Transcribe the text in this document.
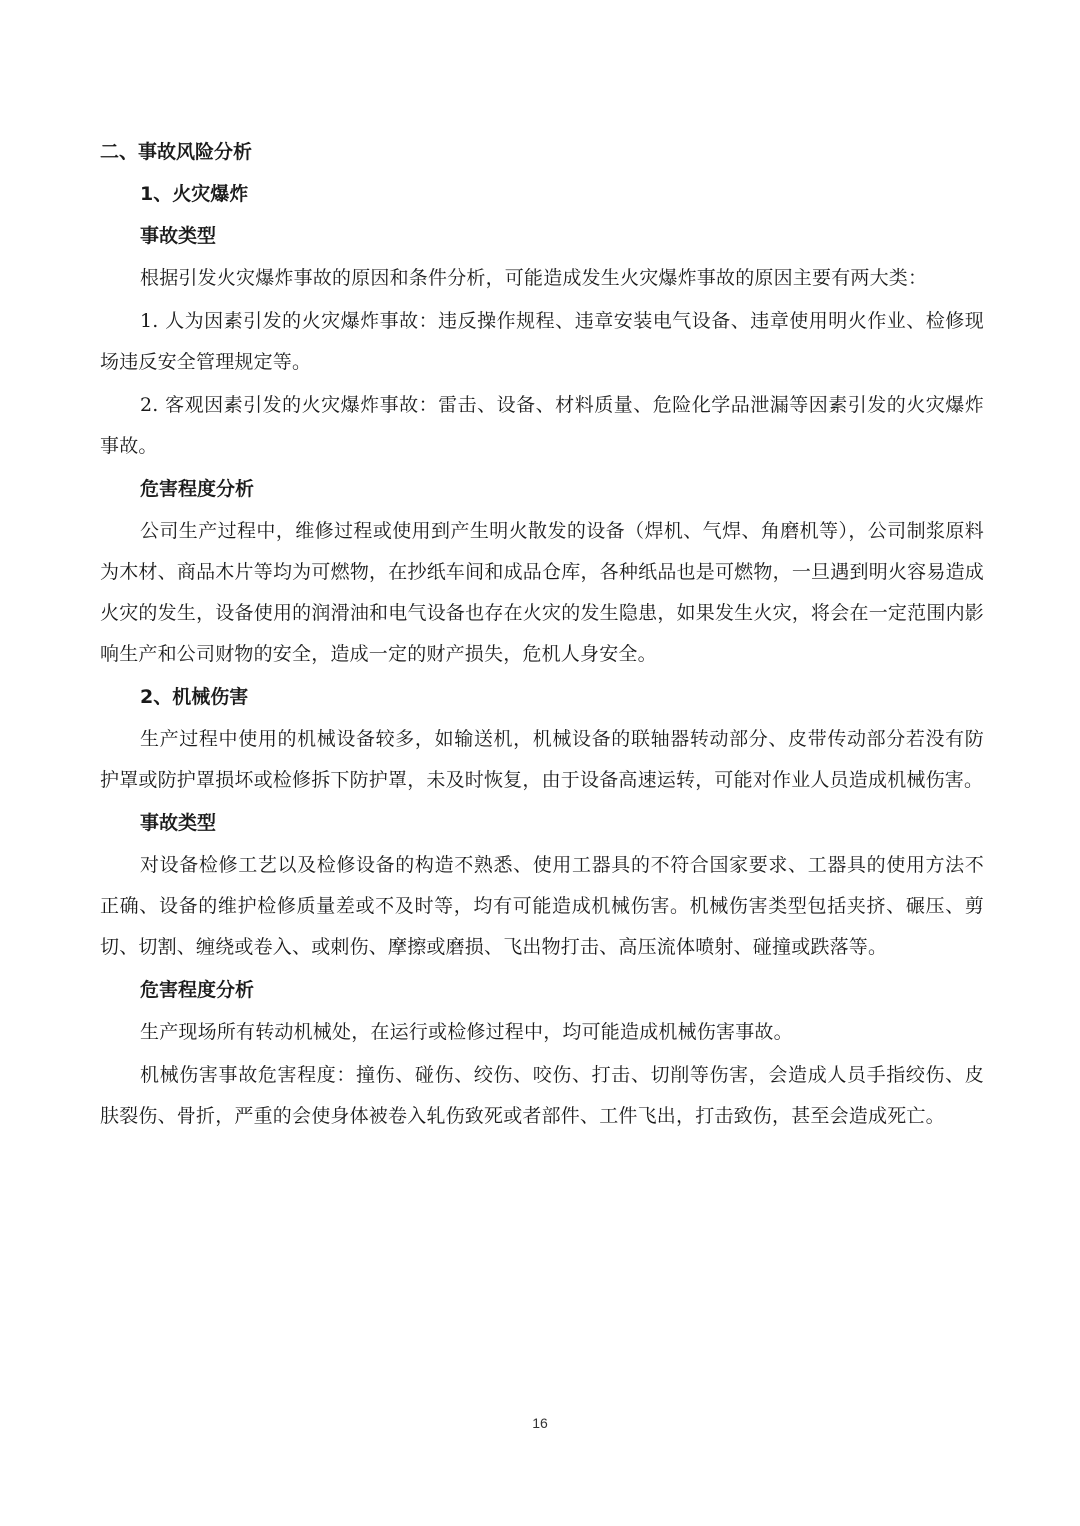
二、事故风险分析
1、火灾爆炸
事故类型

根据引发火灾爆炸事故的原因和条件分析，可能造成发生火灾爆炸事故的原因主要有两大类：

1. 人为因素引发的火灾爆炸事故：违反操作规程、违章安装电气设备、违章使用明火作业、检修现场违反安全管理规定等。

2. 客观因素引发的火灾爆炸事故：雷击、设备、材料质量、危险化学品泄漏等因素引发的火灾爆炸事故。

危害程度分析

公司生产过程中，维修过程或使用到产生明火散发的设备（焊机、气焊、角磨机等），公司制浆原料为木材、商品木片等均为可燃物，在抄纸车间和成品仓库，各种纸品也是可燃物，一旦遇到明火容易造成火灾的发生，设备使用的润滑油和电气设备也存在火灾的发生隐患，如果发生火灾，将会在一定范围内影响生产和公司财物的安全，造成一定的财产损失，危机人身安全。

2、机械伤害

生产过程中使用的机械设备较多，如输送机，机械设备的联轴器转动部分、皮带传动部分若没有防护罩或防护罩损坏或检修拆下防护罩，未及时恢复，由于设备高速运转，可能对作业人员造成机械伤害。

事故类型

对设备检修工艺以及检修设备的构造不熟悉、使用工器具的不符合国家要求、工器具的使用方法不正确、设备的维护检修质量差或不及时等，均有可能造成机械伤害。机械伤害类型包括夹挤、碾压、剪切、切割、缠绕或卷入、或刺伤、摩擦或磨损、飞出物打击、高压流体喷射、碰撞或跌落等。

危害程度分析

生产现场所有转动机械处，在运行或检修过程中，均可能造成机械伤害事故。

机械伤害事故危害程度：撞伤、碰伤、绞伤、咬伤、打击、切削等伤害，会造成人员手指绞伤、皮肤裂伤、骨折，严重的会使身体被卷入轧伤致死或者部件、工件飞出，打击致伤，甚至会造成死亡。

16
